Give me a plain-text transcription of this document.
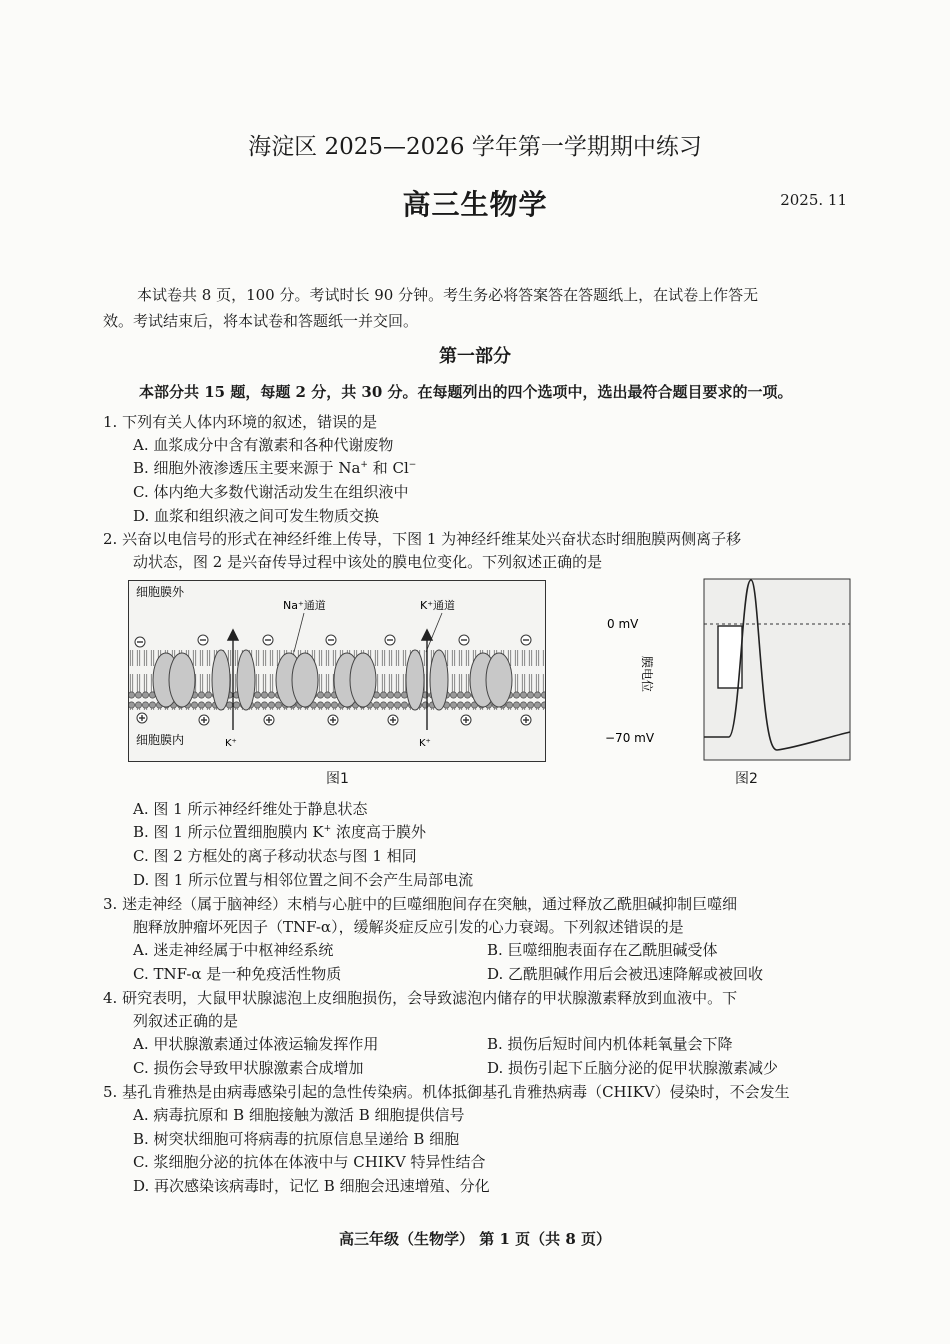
海淀区 2025—2026 学年第一学期期中练习
高三生物学	2025. 11
本试卷共 8 页，100 分。考试时长 90 分钟。考生务必将答案答在答题纸上，在试卷上作答无
效。考试结束后，将本试卷和答题纸一并交回。
第一部分
本部分共 15 题，每题 2 分，共 30 分。在每题列出的四个选项中，选出最符合题目要求的一项。
1. 下列有关人体内环境的叙述，错误的是
A. 血浆成分中含有激素和各种代谢废物
B. 细胞外液渗透压主要来源于 Na+ 和 Cl−
C. 体内绝大多数代谢活动发生在组织液中
D. 血浆和组织液之间可发生物质交换
2. 兴奋以电信号的形式在神经纤维上传导，下图 1 为神经纤维某处兴奋状态时细胞膜两侧离子移
动状态，图 2 是兴奋传导过程中该处的膜电位变化。下列叙述正确的是
细胞膜外
细胞膜内
Na⁺通道	K⁺通道
K⁺	K⁺
图1
0 mV
−70 mV
膜电位
图2
A. 图 1 所示神经纤维处于静息状态
B. 图 1 所示位置细胞膜内 K+ 浓度高于膜外
C. 图 2 方框处的离子移动状态与图 1 相同
D. 图 1 所示位置与相邻位置之间不会产生局部电流
3. 迷走神经（属于脑神经）末梢与心脏中的巨噬细胞间存在突触，通过释放乙酰胆碱抑制巨噬细
胞释放肿瘤坏死因子（TNF-α），缓解炎症反应引发的心力衰竭。下列叙述错误的是
A. 迷走神经属于中枢神经系统	B. 巨噬细胞表面存在乙酰胆碱受体
C. TNF-α 是一种免疫活性物质	D. 乙酰胆碱作用后会被迅速降解或被回收
4. 研究表明，大鼠甲状腺滤泡上皮细胞损伤，会导致滤泡内储存的甲状腺激素释放到血液中。下
列叙述正确的是
A. 甲状腺激素通过体液运输发挥作用	B. 损伤后短时间内机体耗氧量会下降
C. 损伤会导致甲状腺激素合成增加	D. 损伤引起下丘脑分泌的促甲状腺激素减少
5. 基孔肯雅热是由病毒感染引起的急性传染病。机体抵御基孔肯雅热病毒（CHIKV）侵染时，不会发生
A. 病毒抗原和 B 细胞接触为激活 B 细胞提供信号
B. 树突状细胞可将病毒的抗原信息呈递给 B 细胞
C. 浆细胞分泌的抗体在体液中与 CHIKV 特异性结合
D. 再次感染该病毒时，记忆 B 细胞会迅速增殖、分化
高三年级（生物学） 第 1 页（共 8 页）
